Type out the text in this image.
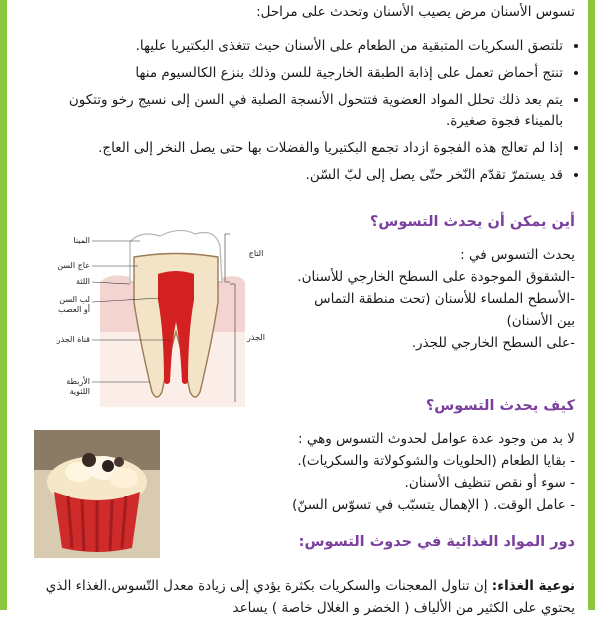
تسوس الأسنان مرض يصيب الأسنان وتحدث على مراحل:
• تلتصق السكريات المتبقية من الطعام على الأسنان حيث تتغذى البكتيريا عليها.
• تنتج أحماض تعمل على إذابة الطبقة الخارجية للسن وذلك بنزع الكالسيوم منها
• يتم بعد ذلك تحلل المواد العضوية فتتحول الأنسجة الصلبة في السن إلى نسيج رخو وتتكون بالميناء فجوة صغيرة.
• إذا لم تعالج هذه الفجوة ازداد تجمع البكتيريا والفضلات بها حتى يصل النخر إلى العاج.
• قد يستمرّ تقدّم النّخر حتّى يصل إلى لبّ السّن.
أين يمكن أن يحدث التسوس؟
يحدث التسوس في :
-الشقوق الموجودة على السطح الخارجي للأسنان.
-الأسطح الملساء للأسنان (تحت منطقة التماس بين الأسنان)
-على السطح الخارجي للجذر.
المينا
عاج السن
اللثة
لب السن
أو العصب
قناة الجذر
الأربطة
اللثوية
التاج
الجذر
كيف يحدث التسوس؟
لا بد من وجود عدة عوامل لحدوث التسوس وهي :
- بقايا الطعام (الحلويات والشوكولاتة والسكريات).
- سوء أو نقص تنظيف الأسنان.
- عامل الوقت. ( الإهمال يتسبّب في تسوّس السنّ)
دور المواد الغذائية في حدوث التسوس:
نوعية الغذاء: إن تناول المعجنات والسكريات بكثرة يؤدي إلى زيادة معدل التّسوس.الغذاء الذي يحتوي على الكثير من الألياف ( الخضر و الغلال خاصة ) يساعد
